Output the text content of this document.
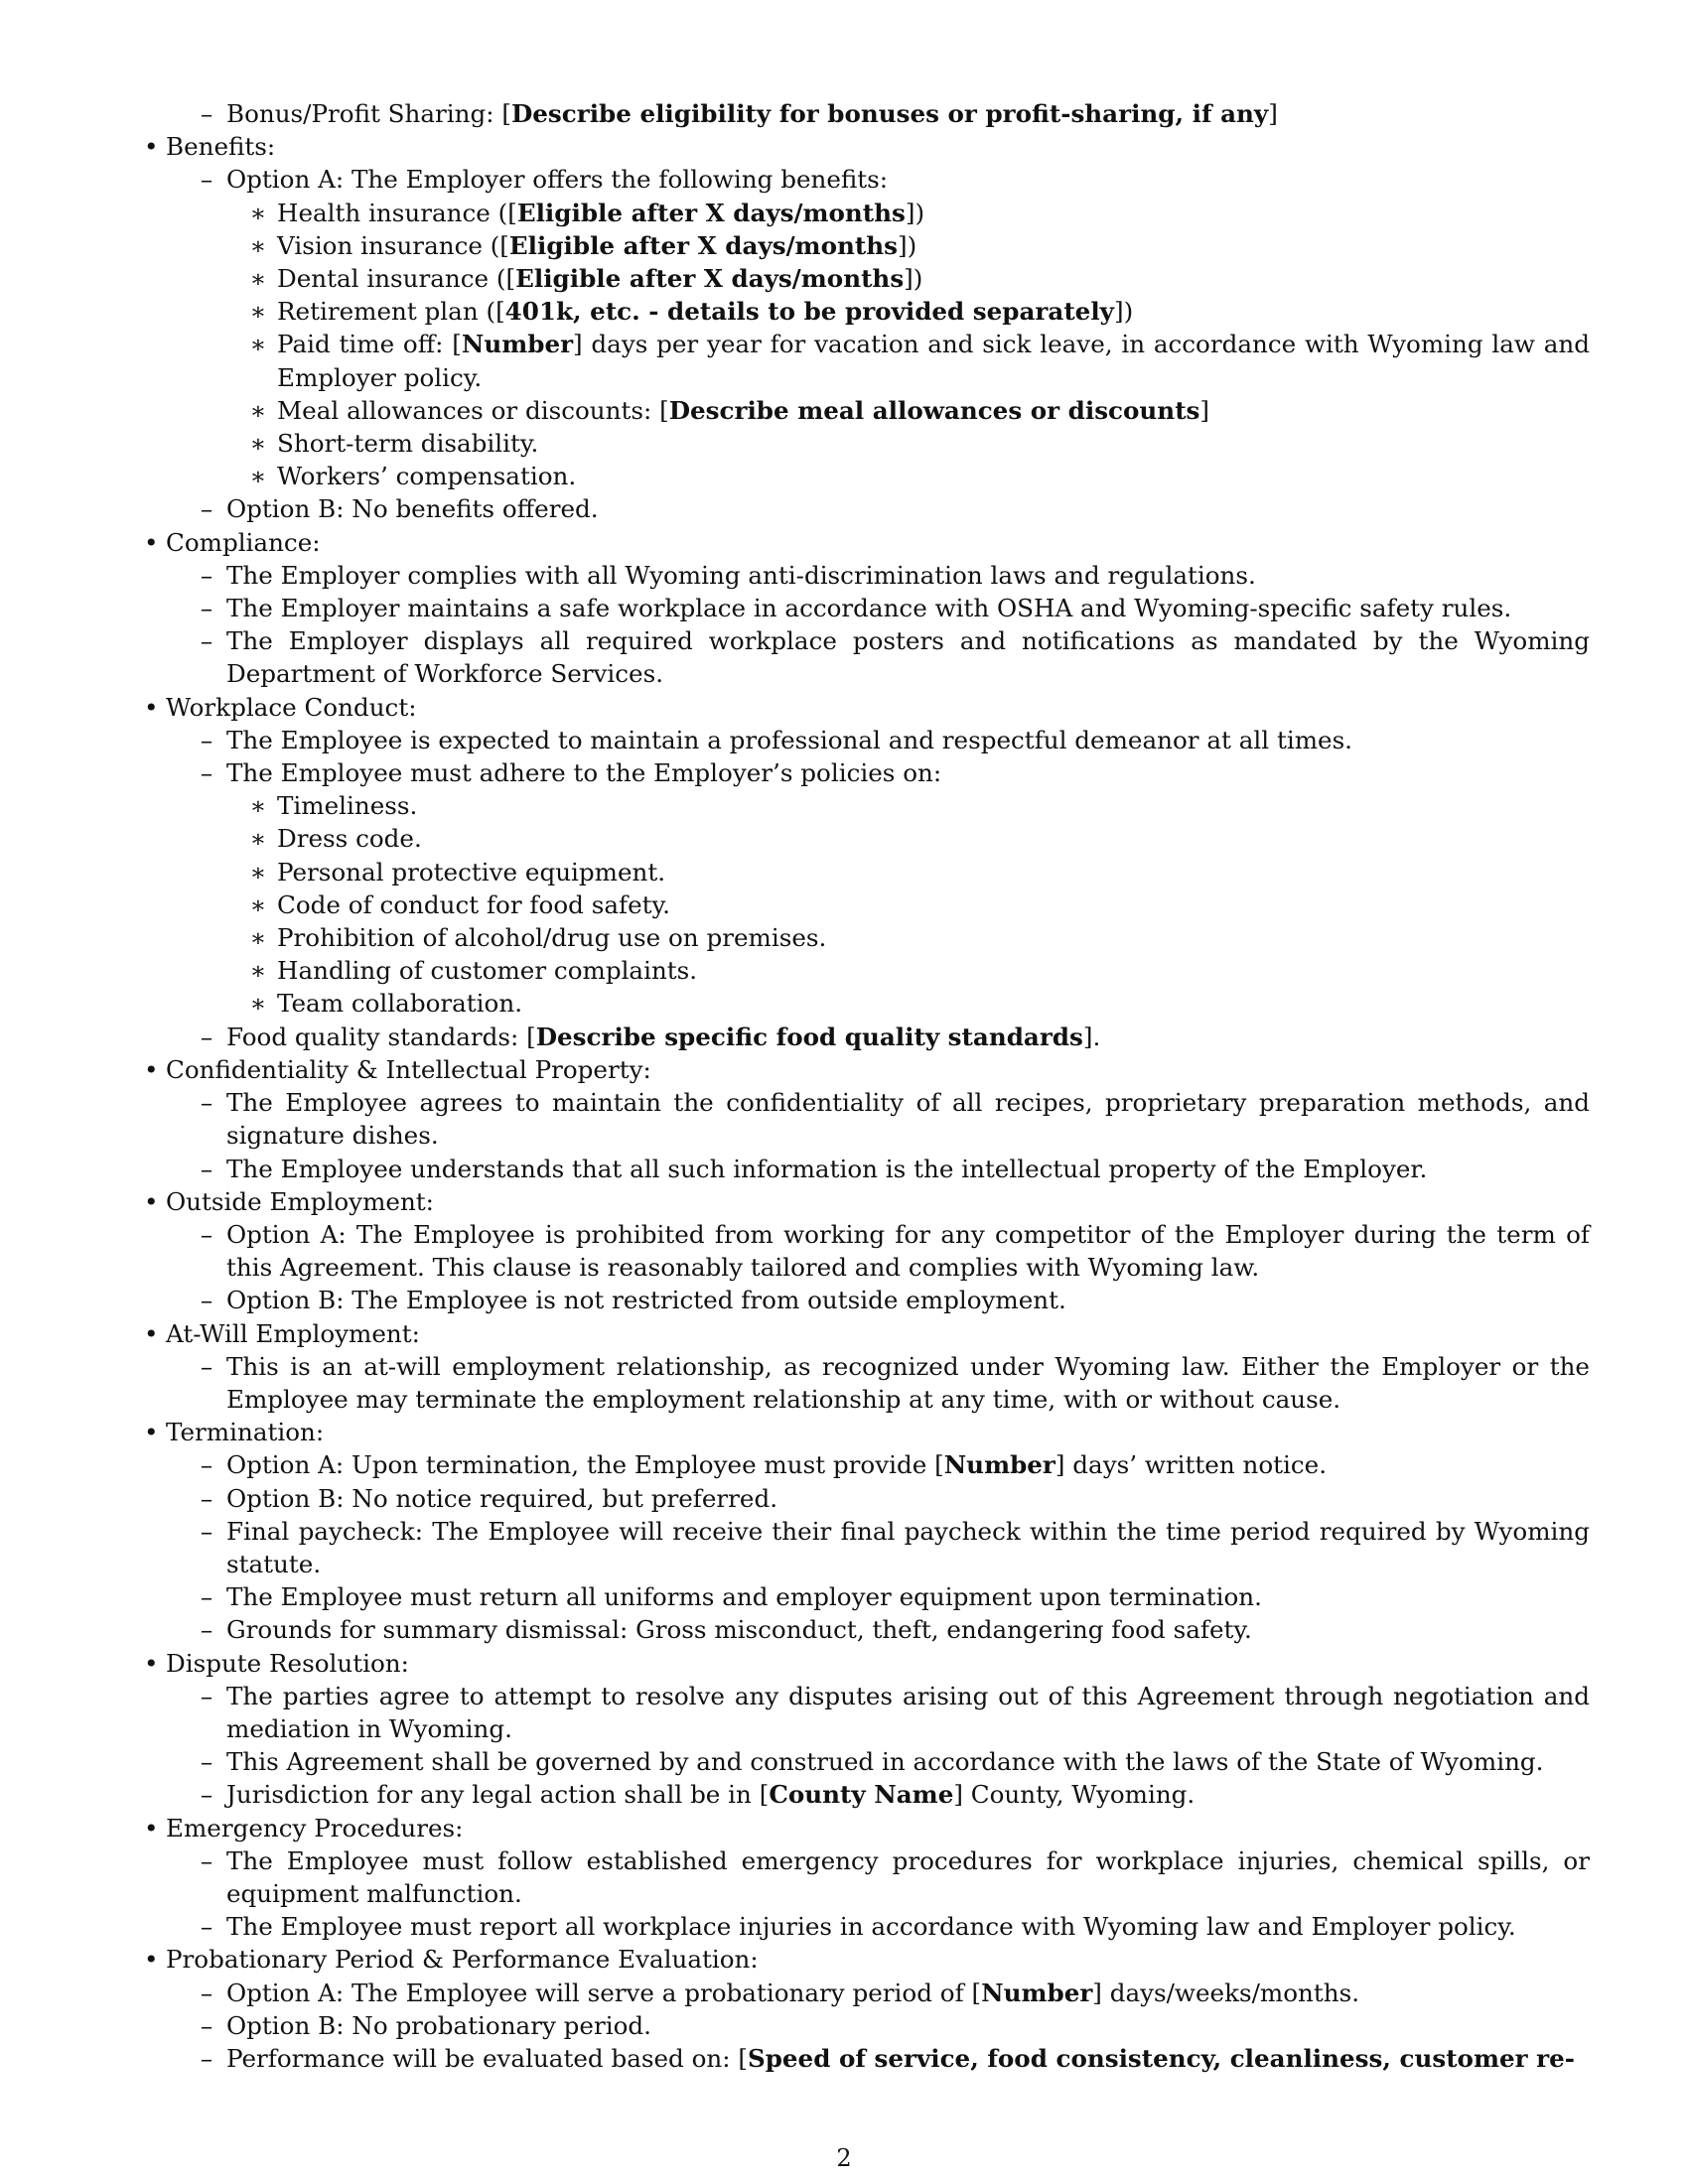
– Bonus/Profit Sharing: [Describe eligibility for bonuses or profit-sharing, if any]
• Benefits:
– Option A: The Employer offers the following benefits:
∗ Health insurance ([Eligible after X days/months])
∗ Vision insurance ([Eligible after X days/months])
∗ Dental insurance ([Eligible after X days/months])
∗ Retirement plan ([401k, etc. - details to be provided separately])
∗ Paid time off: [Number] days per year for vacation and sick leave, in accordance with Wyoming law and Employer policy.
∗ Meal allowances or discounts: [Describe meal allowances or discounts]
∗ Short-term disability.
∗ Workers’ compensation.
– Option B: No benefits offered.
• Compliance:
– The Employer complies with all Wyoming anti-discrimination laws and regulations.
– The Employer maintains a safe workplace in accordance with OSHA and Wyoming-specific safety rules.
– The Employer displays all required workplace posters and notifications as mandated by the Wyoming Department of Workforce Services.
• Workplace Conduct:
– The Employee is expected to maintain a professional and respectful demeanor at all times.
– The Employee must adhere to the Employer’s policies on:
∗ Timeliness.
∗ Dress code.
∗ Personal protective equipment.
∗ Code of conduct for food safety.
∗ Prohibition of alcohol/drug use on premises.
∗ Handling of customer complaints.
∗ Team collaboration.
– Food quality standards: [Describe specific food quality standards].
• Confidentiality & Intellectual Property:
– The Employee agrees to maintain the confidentiality of all recipes, proprietary preparation methods, and signature dishes.
– The Employee understands that all such information is the intellectual property of the Employer.
• Outside Employment:
– Option A: The Employee is prohibited from working for any competitor of the Employer during the term of this Agreement. This clause is reasonably tailored and complies with Wyoming law.
– Option B: The Employee is not restricted from outside employment.
• At-Will Employment:
– This is an at-will employment relationship, as recognized under Wyoming law. Either the Employer or the Employee may terminate the employment relationship at any time, with or without cause.
• Termination:
– Option A: Upon termination, the Employee must provide [Number] days’ written notice.
– Option B: No notice required, but preferred.
– Final paycheck: The Employee will receive their final paycheck within the time period required by Wyoming statute.
– The Employee must return all uniforms and employer equipment upon termination.
– Grounds for summary dismissal: Gross misconduct, theft, endangering food safety.
• Dispute Resolution:
– The parties agree to attempt to resolve any disputes arising out of this Agreement through negotiation and mediation in Wyoming.
– This Agreement shall be governed by and construed in accordance with the laws of the State of Wyoming.
– Jurisdiction for any legal action shall be in [County Name] County, Wyoming.
• Emergency Procedures:
– The Employee must follow established emergency procedures for workplace injuries, chemical spills, or equipment malfunction.
– The Employee must report all workplace injuries in accordance with Wyoming law and Employer policy.
• Probationary Period & Performance Evaluation:
– Option A: The Employee will serve a probationary period of [Number] days/weeks/months.
– Option B: No probationary period.
– Performance will be evaluated based on: [Speed of service, food consistency, cleanliness, customer re-
2
